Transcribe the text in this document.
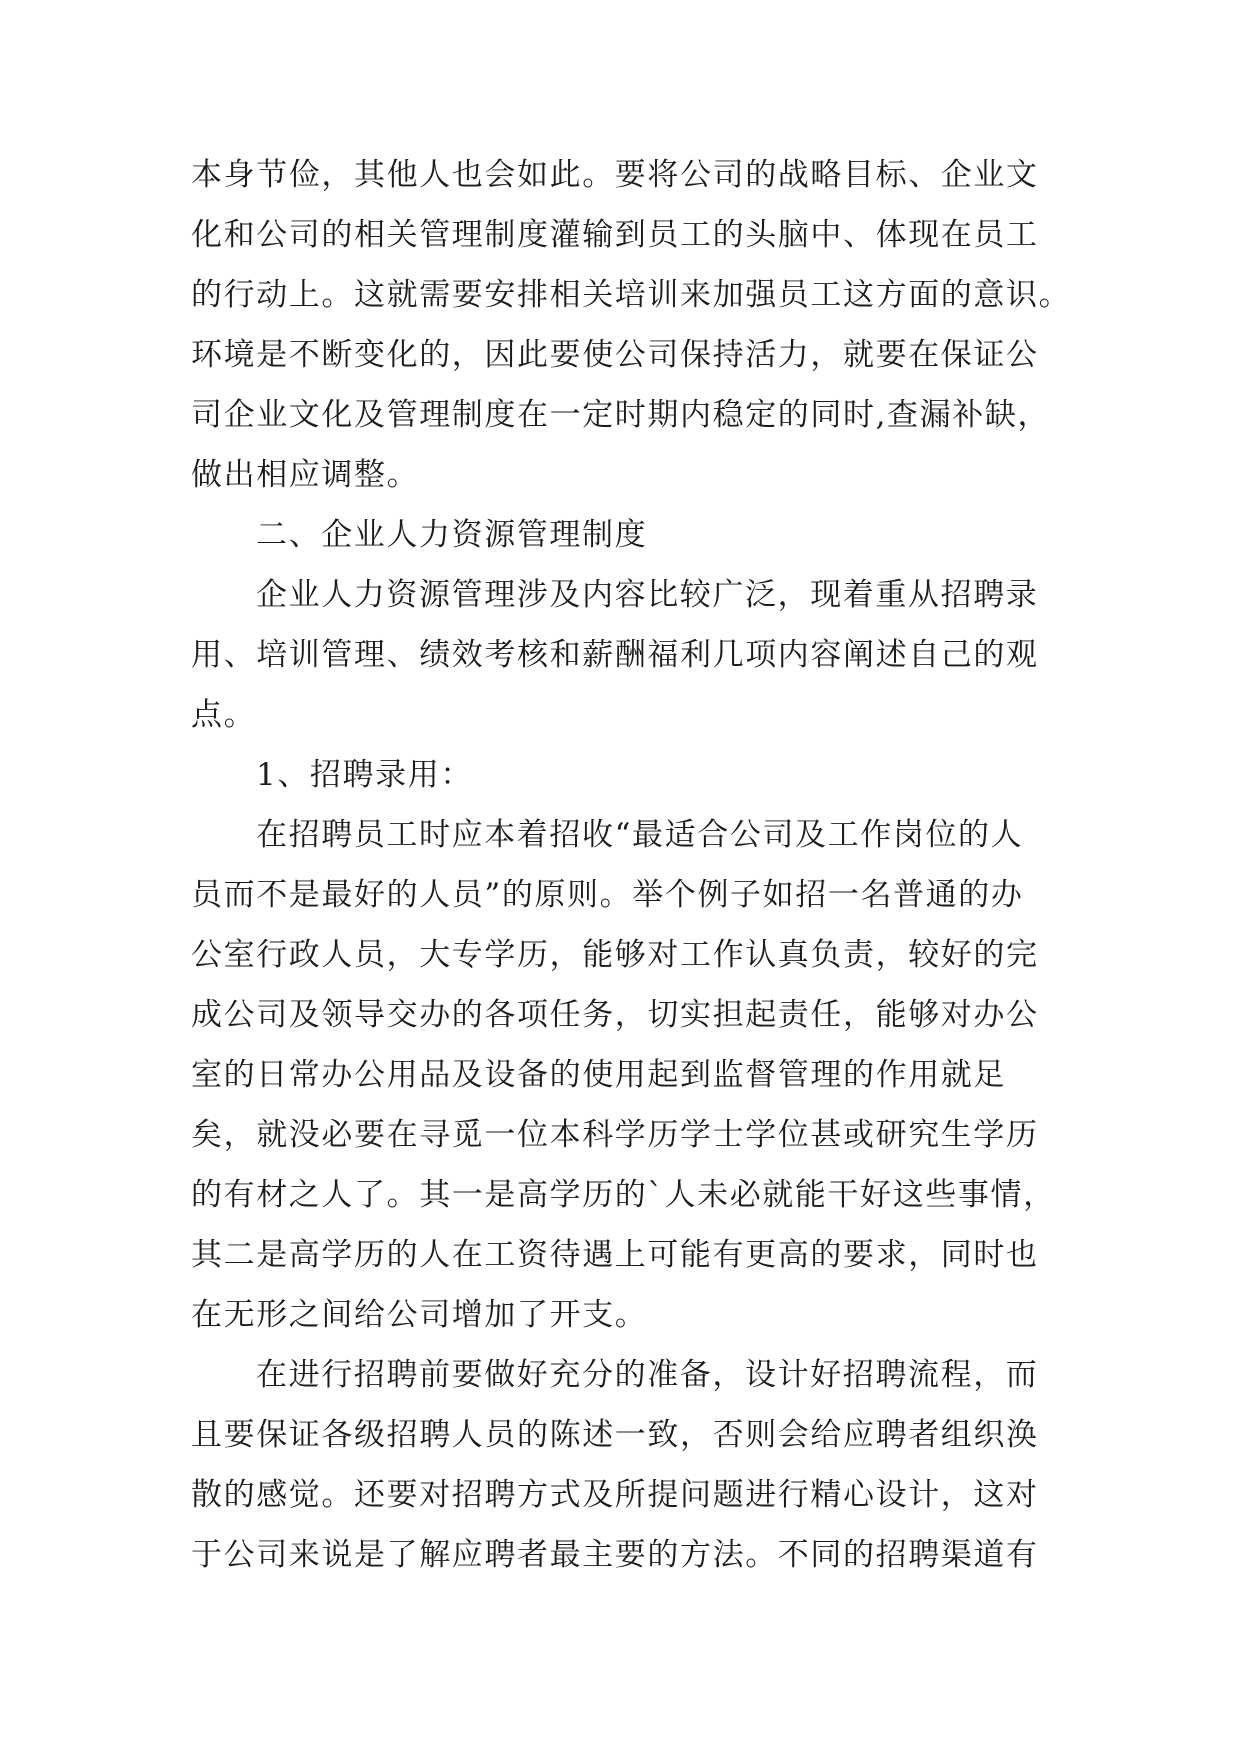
本身节俭，其他人也会如此。要将公司的战略目标、企业文
化和公司的相关管理制度灌输到员工的头脑中、体现在员工
的行动上。这就需要安排相关培训来加强员工这方面的意识。
环境是不断变化的，因此要使公司保持活力，就要在保证公
司企业文化及管理制度在一定时期内稳定的同时,查漏补缺，
做出相应调整。
二、企业人力资源管理制度
企业人力资源管理涉及内容比较广泛，现着重从招聘录
用、培训管理、绩效考核和薪酬福利几项内容阐述自己的观
点。
1、招聘录用：
在招聘员工时应本着招收“最适合公司及工作岗位的人
员而不是最好的人员”的原则。举个例子如招一名普通的办
公室行政人员，大专学历，能够对工作认真负责，较好的完
成公司及领导交办的各项任务，切实担起责任，能够对办公
室的日常办公用品及设备的使用起到监督管理的作用就足
矣，就没必要在寻觅一位本科学历学士学位甚或研究生学历
的有材之人了。其一是高学历的`人未必就能干好这些事情，
其二是高学历的人在工资待遇上可能有更高的要求，同时也
在无形之间给公司增加了开支。
在进行招聘前要做好充分的准备，设计好招聘流程，而
且要保证各级招聘人员的陈述一致，否则会给应聘者组织涣
散的感觉。还要对招聘方式及所提问题进行精心设计，这对
于公司来说是了解应聘者最主要的方法。不同的招聘渠道有
